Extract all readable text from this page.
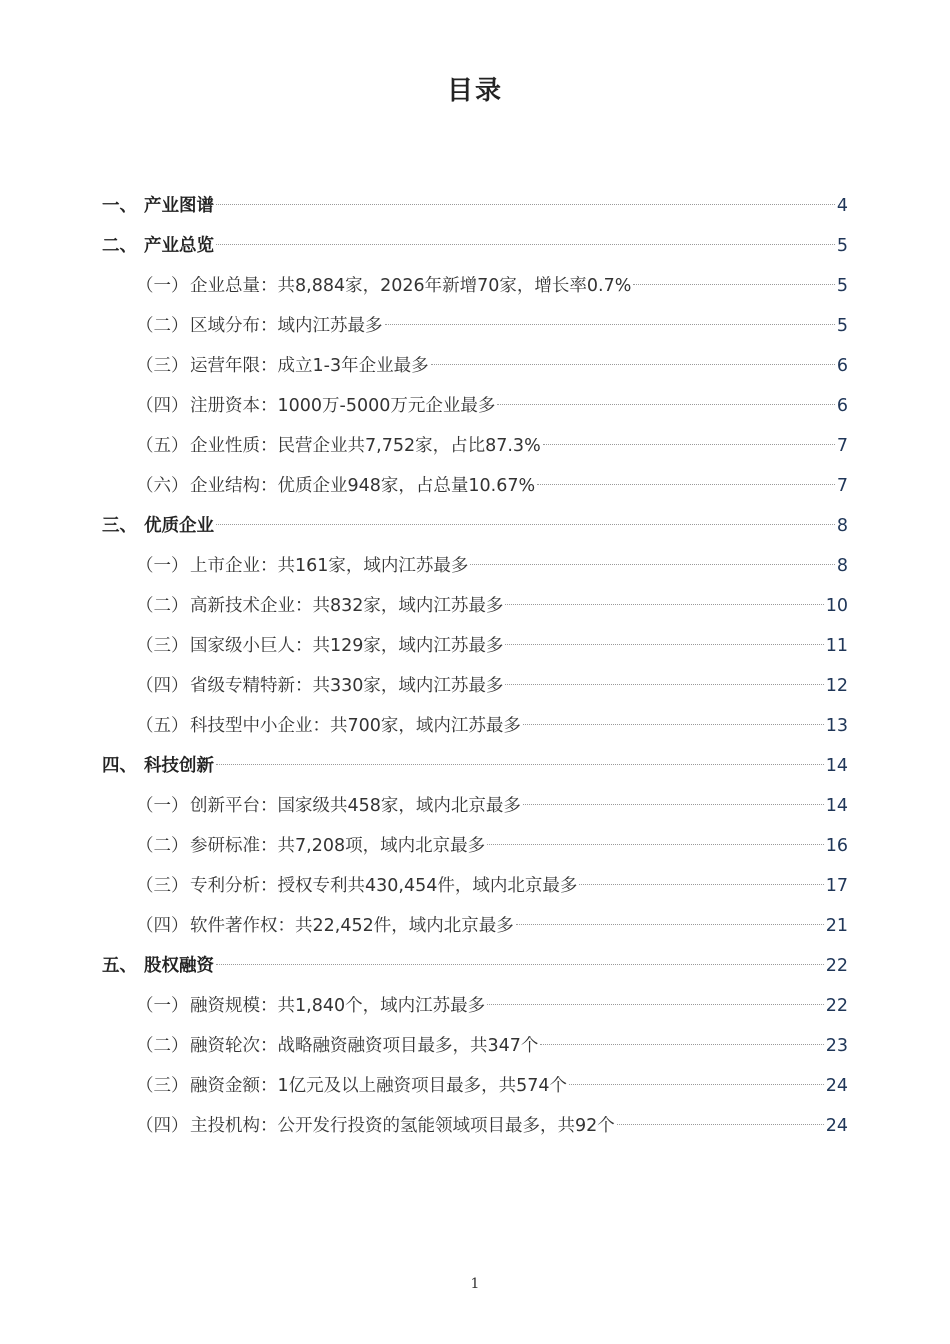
目录
一、 产业图谱	4
二、 产业总览	5
（一） 企业总量：共8,884家，2026年新增70家，增长率0.7%	5
（二） 区域分布：域内江苏最多	5
（三） 运营年限：成立1-3年企业最多	6
（四） 注册资本：1000万-5000万元企业最多	6
（五） 企业性质：民营企业共7,752家，占比87.3%	7
（六） 企业结构：优质企业948家，占总量10.67%	7
三、 优质企业	8
（一） 上市企业：共161家，域内江苏最多	8
（二） 高新技术企业：共832家，域内江苏最多	10
（三） 国家级小巨人：共129家，域内江苏最多	11
（四） 省级专精特新：共330家，域内江苏最多	12
（五） 科技型中小企业：共700家，域内江苏最多	13
四、 科技创新	14
（一） 创新平台：国家级共458家，域内北京最多	14
（二） 参研标准：共7,208项，域内北京最多	16
（三） 专利分析：授权专利共430,454件，域内北京最多	17
（四） 软件著作权：共22,452件，域内北京最多	21
五、 股权融资	22
（一） 融资规模：共1,840个，域内江苏最多	22
（二） 融资轮次：战略融资融资项目最多，共347个	23
（三） 融资金额：1亿元及以上融资项目最多，共574个	24
（四） 主投机构：公开发行投资的氢能领域项目最多，共92个	24
1
